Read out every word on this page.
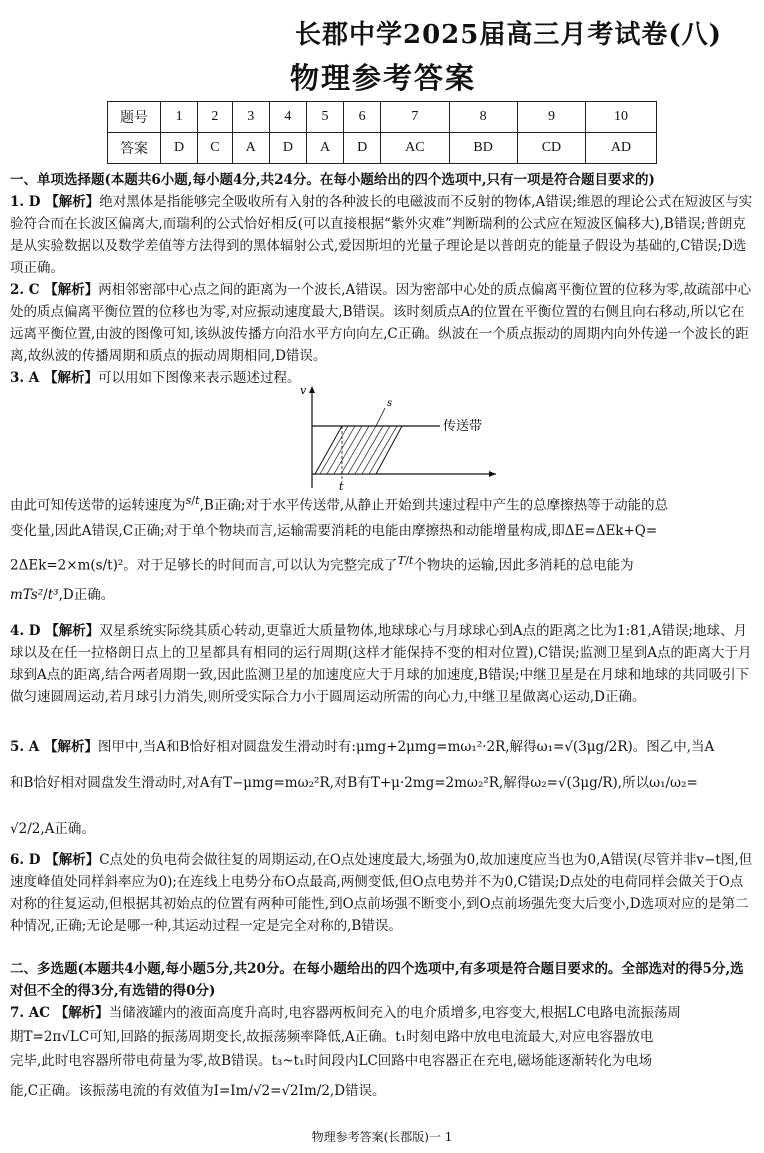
长郡中学2025届高三月考试卷(八)
物理参考答案
题号	1	2	3	4	5	6	7	8	9	10
答案	D	C	A	D	A	D	AC	BD	CD	AD

一、单项选择题(本题共6小题,每小题4分,共24分。在每小题给出的四个选项中,只有一项是符合题目要求的)

1. D 【解析】绝对黑体是指能够完全吸收所有入射的各种波长的电磁波而不反射的物体,A错误;维恩的理论公式在短波区与实验符合而在长波区偏离大,而瑞利的公式恰好相反(可以直接根据“紫外灾难”判断瑞利的公式应在短波区偏移大),B错误;普朗克是从实验数据以及数学差值等方法得到的黑体辐射公式,爱因斯坦的光量子理论是以普朗克的能量子假设为基础的,C错误;D选项正确。

2. C 【解析】两相邻密部中心点之间的距离为一个波长,A错误。因为密部中心处的质点偏离平衡位置的位移为零,故疏部中心处的质点偏离平衡位置的位移也为零,对应振动速度最大,B错误。该时刻质点A的位置在平衡位置的右侧且向右移动,所以它在远离平衡位置,由波的图像可知,该纵波传播方向沿水平方向向左,C正确。纵波在一个质点振动的周期内向外传递一个波长的距离,故纵波的传播周期和质点的振动周期相同,D错误。

3. A 【解析】可以用如下图像来表示题述过程。

v
s
t
传送带

由此可知传送带的运转速度为$^{s/t}$,B正确;对于水平传送带,从静止开始到共速过程中产生的总摩擦热等于动能的总

变化量,因此A错误,C正确;对于单个物块而言,运输需要消耗的电能由摩擦热和动能增量构成,即ΔE=ΔEk+Q=

2ΔEk=2×m(s/t)²。对于足够长的时间而言,可以认为完整完成了$^{T/t}$个物块的运输,因此多消耗的总电能为

mTs²/t³,D正确。

4. D 【解析】双星系统实际绕其质心转动,更靠近大质量物体,地球球心与月球球心到A点的距离之比为1:81,A错误;地球、月球以及在任一拉格朗日点上的卫星都具有相同的运行周期(这样才能保持不变的相对位置),C错误;监测卫星到A点的距离大于月球到A点的距离,结合两者周期一致,因此监测卫星的加速度应大于月球的加速度,B错误;中继卫星是在月球和地球的共同吸引下做匀速圆周运动,若月球引力消失,则所受实际合力小于圆周运动所需的向心力,中继卫星做离心运动,D正确。

5. A 【解析】图甲中,当A和B恰好相对圆盘发生滑动时有:μmg+2μmg=mω₁²·2R,解得ω₁=√(3μg/2R)。图乙中,当A

和B恰好相对圆盘发生滑动时,对A有T−μmg=mω₂²R,对B有T+μ·2mg=2mω₂²R,解得ω₂=√(3μg/R),所以ω₁/ω₂=

√2/2,A正确。

6. D 【解析】C点处的负电荷会做往复的周期运动,在O点处速度最大,场强为0,故加速度应当也为0,A错误(尽管并非v−t图,但速度峰值处同样斜率应为0);在连线上电势分布O点最高,两侧变低,但O点电势并不为0,C错误;D点处的电荷同样会做关于O点对称的往复运动,但根据其初始点的位置有两种可能性,到O点前场强不断变小,到O点前场强先变大后变小,D选项对应的是第二种情况,正确;无论是哪一种,其运动过程一定是完全对称的,B错误。

二、多选题(本题共4小题,每小题5分,共20分。在每小题给出的四个选项中,有多项是符合题目要求的。全部选对的得5分,选对但不全的得3分,有选错的得0分)

7. AC 【解析】当储液罐内的液面高度升高时,电容器两板间充入的电介质增多,电容变大,根据LC电路电流振荡周

期T=2π√LC可知,回路的振荡周期变长,故振荡频率降低,A正确。t₁时刻电路中放电电流最大,对应电容器放电

完毕,此时电容器所带电荷量为零,故B错误。t₃~t₁时间段内LC回路中电容器正在充电,磁场能逐渐转化为电场

能,C正确。该振荡电流的有效值为I=Im/√2=√2Im/2,D错误。

物理参考答案(长郡版)一 1
